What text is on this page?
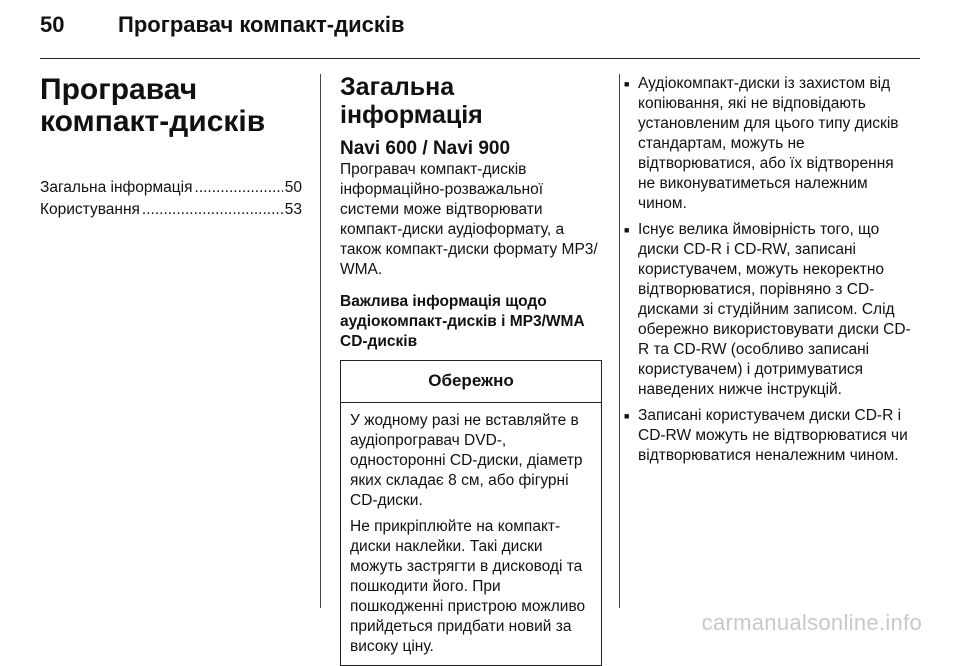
50 Програвач компакт-дисків
Програвач компакт-дисків
Загальна інформація .....	50
Користування .....	53
Загальна інформація
Navi 600 / Navi 900

Програвач компакт-дисків інформаційно-розважальної системи може відтворювати компакт-диски аудіоформату, а також компакт-диски формату MP3/ WMA.

Важлива інформація щодо аудіокомпакт-дисків і MP3/WMA CD-дисків
Обережно

У жодному разі не вставляйте в аудіопрогравач DVD-, односторонні CD-диски, діаметр яких складає 8 см, або фігурні CD-диски.

Не прикріплюйте на компакт-диски наклейки. Такі диски можуть застрягти в дисководі та пошкодити його. При пошкодженні пристрою можливо прийдеться придбати новий за високу ціну.

■ Аудіокомпакт-диски із захистом від копіювання, які не відповідають установленим для цього типу дисків стандартам, можуть не відтворюватися, або їх відтворення не виконуватиметься належним чином.
■ Існує велика ймовірність того, що диски CD-R і CD-RW, записані користувачем, можуть некоректно відтворюватися, порівняно з CD-дисками зі студійним записом. Слід обережно використовувати диски CD-R та CD-RW (особливо записані користувачем) і дотримуватися наведених нижче інструкцій.
■ Записані користувачем диски CD-R і CD-RW можуть не відтворюватися чи відтворюватися неналежним чином.
carmanualsonline.info
